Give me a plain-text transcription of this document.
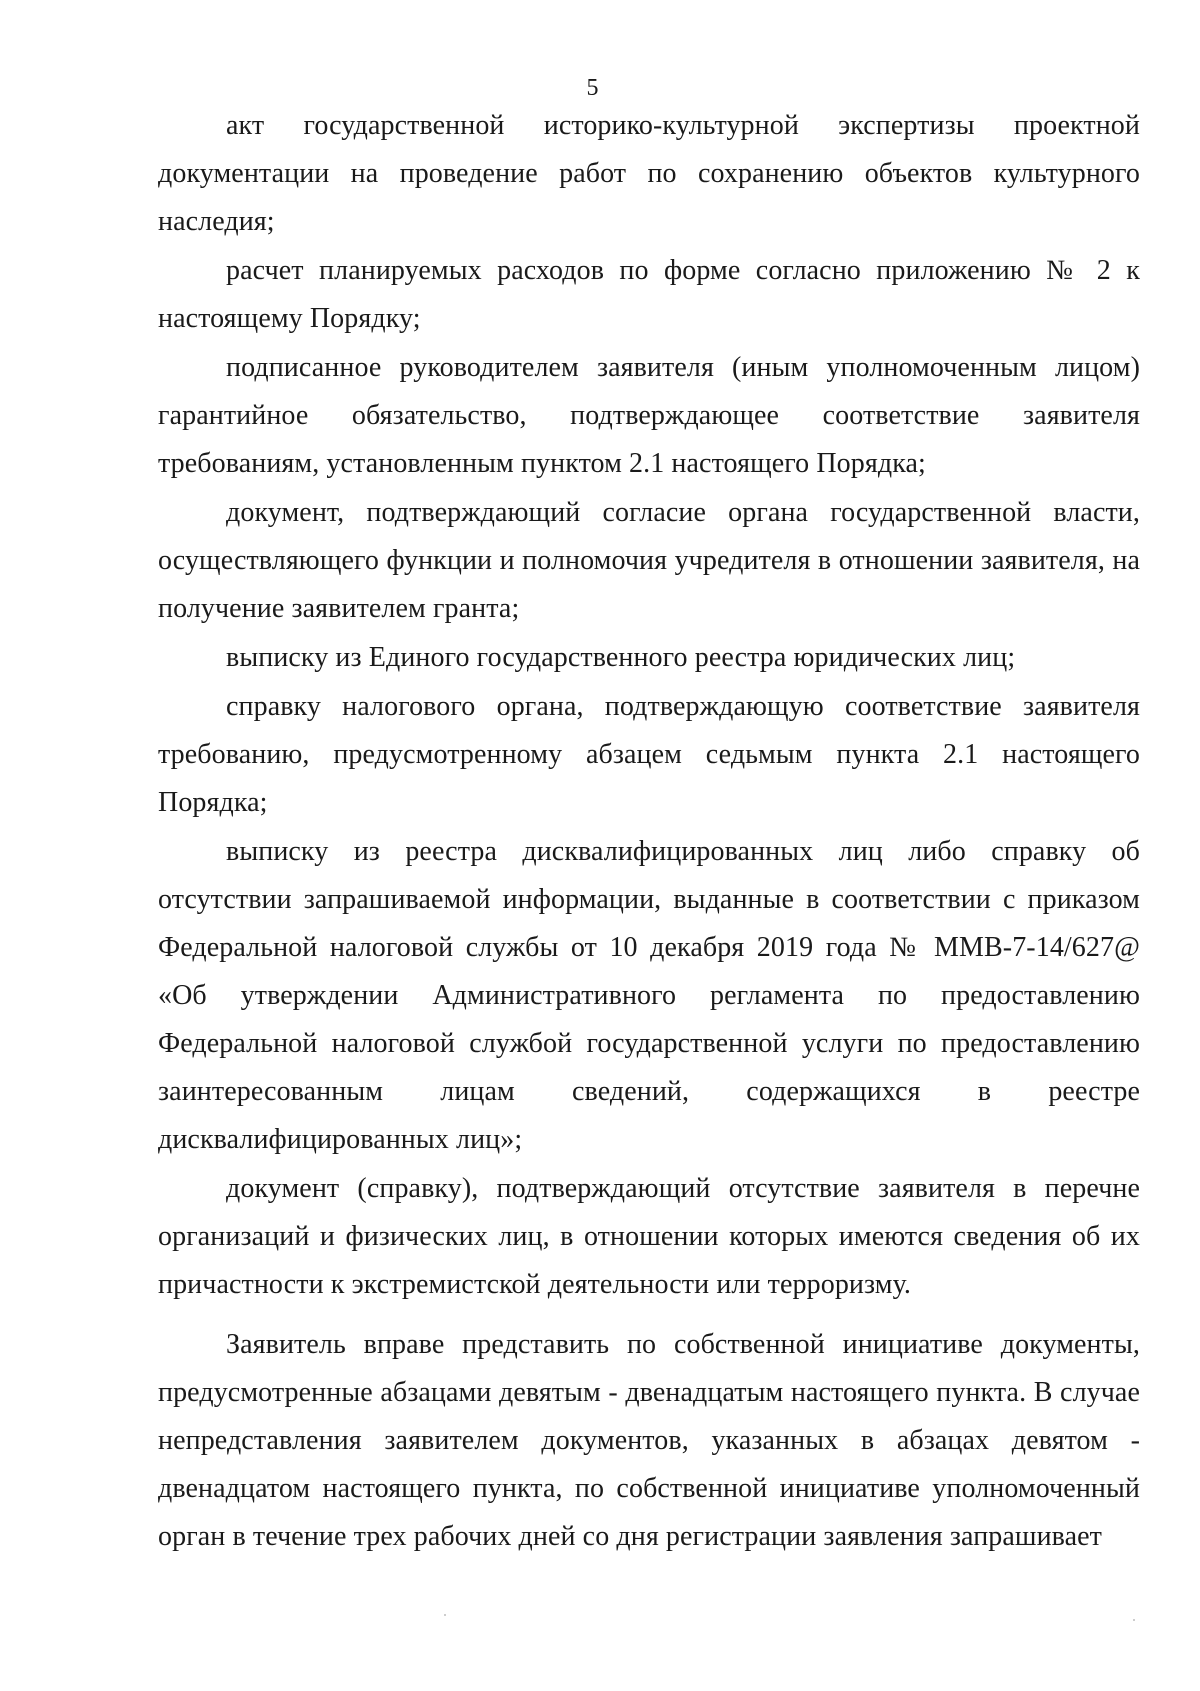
5

акт государственной историко-культурной экспертизы проектной документации на проведение работ по сохранению объектов культурного наследия;

расчет планируемых расходов по форме согласно приложению № 2 к настоящему Порядку;

подписанное руководителем заявителя (иным уполномоченным лицом) гарантийное обязательство, подтверждающее соответствие заявителя требованиям, установленным пунктом 2.1 настоящего Порядка;

документ, подтверждающий согласие органа государственной власти, осуществляющего функции и полномочия учредителя в отношении заявителя, на получение заявителем гранта;

выписку из Единого государственного реестра юридических лиц;

справку налогового органа, подтверждающую соответствие заявителя требованию, предусмотренному абзацем седьмым пункта 2.1 настоящего Порядка;

выписку из реестра дисквалифицированных лиц либо справку об отсутствии запрашиваемой информации, выданные в соответствии с приказом Федеральной налоговой службы от 10 декабря 2019 года № ММВ-7-14/627@ «Об утверждении Административного регламента по предоставлению Федеральной налоговой службой государственной услуги по предоставлению заинтересованным лицам сведений, содержащихся в реестре дисквалифицированных лиц»;

документ (справку), подтверждающий отсутствие заявителя в перечне организаций и физических лиц, в отношении которых имеются сведения об их причастности к экстремистской деятельности или терроризму.

Заявитель вправе представить по собственной инициативе документы, предусмотренные абзацами девятым - двенадцатым настоящего пункта. В случае непредставления заявителем документов, указанных в абзацах девятом - двенадцатом настоящего пункта, по собственной инициативе уполномоченный орган в течение трех рабочих дней со дня регистрации заявления запрашивает
